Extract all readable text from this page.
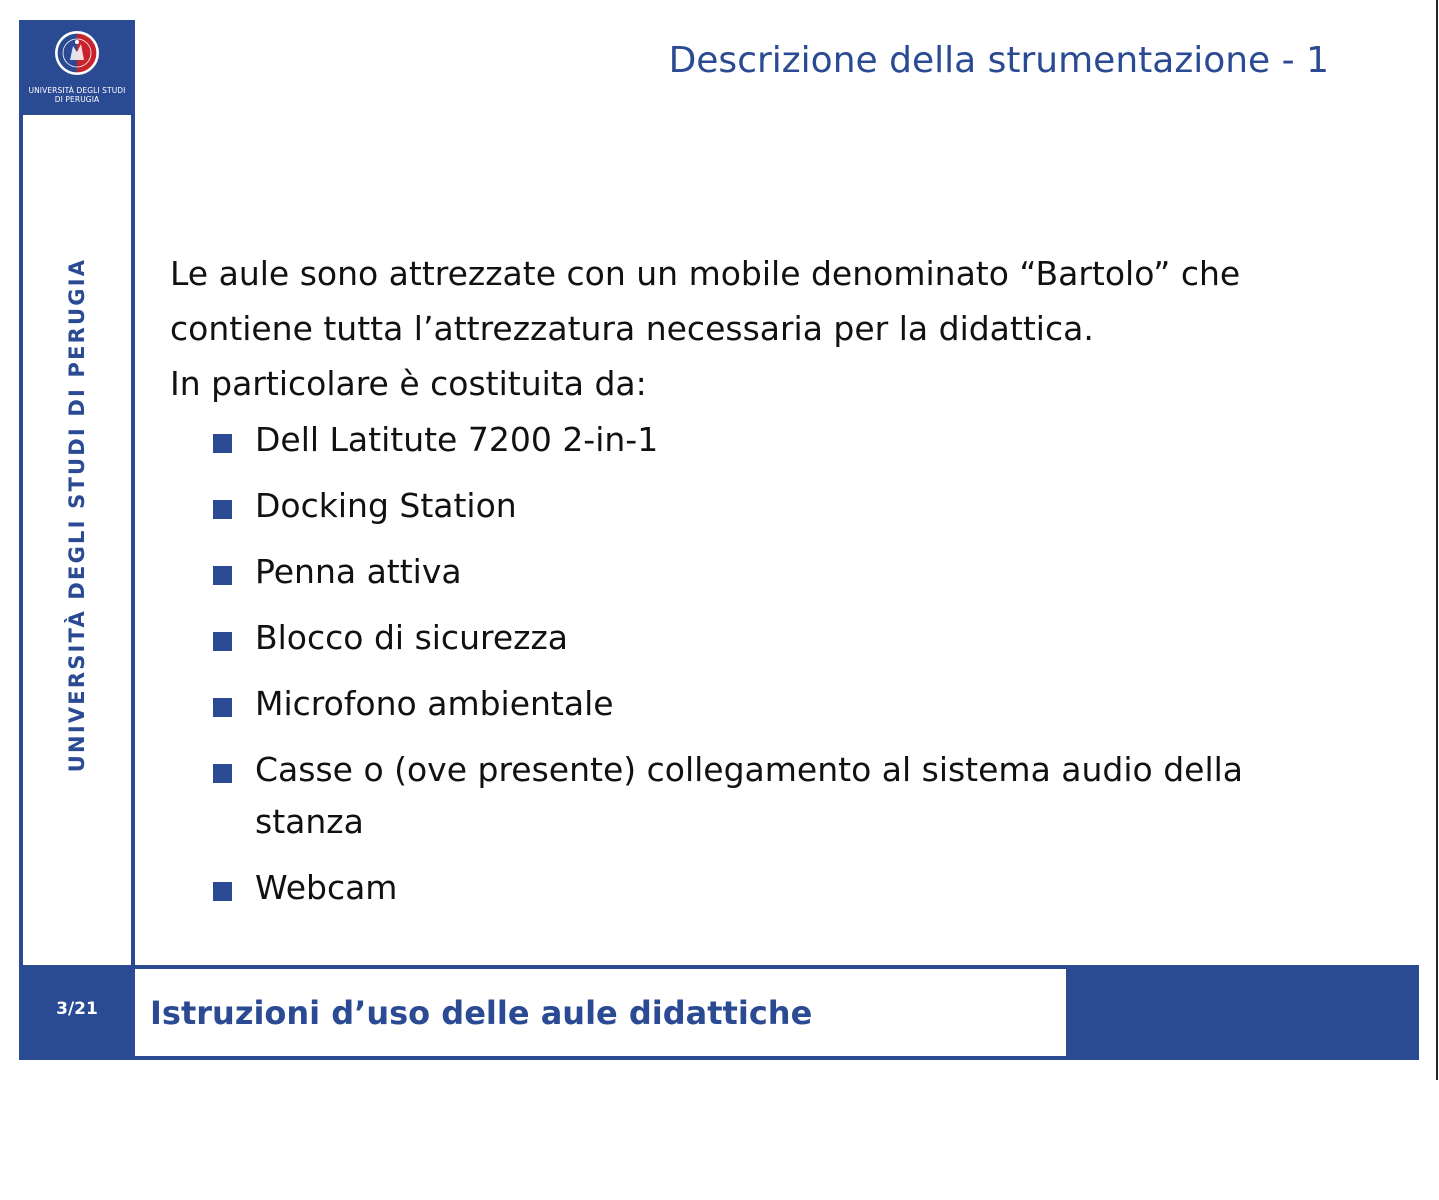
UNIVERSITÀ DEGLI STUDI
DI PERUGIA
UNIVERSITÀ DEGLI STUDI DI PERUGIA
Descrizione della strumentazione - 1

Le aule sono attrezzate con un mobile denominato “Bartolo” che

contiene tutta l’attrezzatura necessaria per la didattica.

In particolare è costituita da:

Dell Latitute 7200 2-in-1
Docking Station
Penna attiva
Blocco di sicurezza
Microfono ambientale
Casse o (ove presente) collegamento al sistema audio della stanza
Webcam
3/21	Istruzioni d’uso delle aule didattiche
